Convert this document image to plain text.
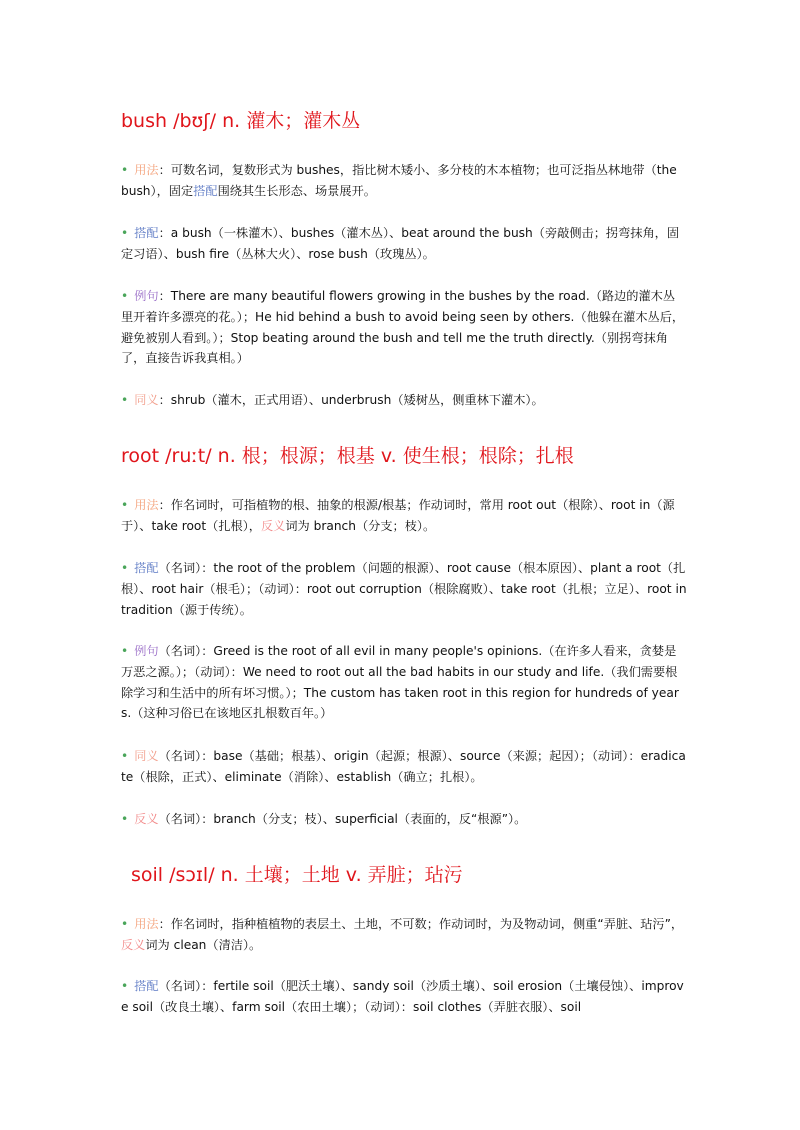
bush /bʊʃ/ n. 灌木；灌木丛
• 用法：可数名词，复数形式为 bushes，指比树木矮小、多分枝的木本植物；也可泛指丛林地带（the bush），固定搭配围绕其生长形态、场景展开。
• 搭配：a bush（一株灌木）、bushes（灌木丛）、beat around the bush（旁敲侧击；拐弯抹角，固定习语）、bush fire（丛林大火）、rose bush（玫瑰丛）。
• 例句：There are many beautiful flowers growing in the bushes by the road.（路边的灌木丛里开着许多漂亮的花。）；He hid behind a bush to avoid being seen by others.（他躲在灌木丛后，避免被别人看到。）；Stop beating around the bush and tell me the truth directly.（别拐弯抹角了，直接告诉我真相。）
• 同义：shrub（灌木，正式用语）、underbrush（矮树丛，侧重林下灌木）。
root /ruːt/ n. 根；根源；根基 v. 使生根；根除；扎根
• 用法：作名词时，可指植物的根、抽象的根源/根基；作动词时，常用 root out（根除）、root in（源于）、take root（扎根），反义词为 branch（分支；枝）。
• 搭配（名词）：the root of the problem（问题的根源）、root cause（根本原因）、plant a root（扎根）、root hair（根毛）；（动词）：root out corruption（根除腐败）、take root（扎根；立足）、root in tradition（源于传统）。
• 例句（名词）：Greed is the root of all evil in many people's opinions.（在许多人看来，贪婪是万恶之源。）；（动词）：We need to root out all the bad habits in our study and life.（我们需要根除学习和生活中的所有坏习惯。）；The custom has taken root in this region for hundreds of years.（这种习俗已在该地区扎根数百年。）
• 同义（名词）：base（基础；根基）、origin（起源；根源）、source（来源；起因）；（动词）：eradicate（根除，正式）、eliminate（消除）、establish（确立；扎根）。
• 反义（名词）：branch（分支；枝）、superficial（表面的，反“根源”）。
soil /sɔɪl/ n. 土壤；土地 v. 弄脏；玷污
• 用法：作名词时，指种植植物的表层土、土地，不可数；作动词时，为及物动词，侧重“弄脏、玷污”，反义词为 clean（清洁）。
• 搭配（名词）：fertile soil（肥沃土壤）、sandy soil（沙质土壤）、soil erosion（土壤侵蚀）、improve soil（改良土壤）、farm soil（农田土壤）；（动词）：soil clothes（弄脏衣服）、soil
